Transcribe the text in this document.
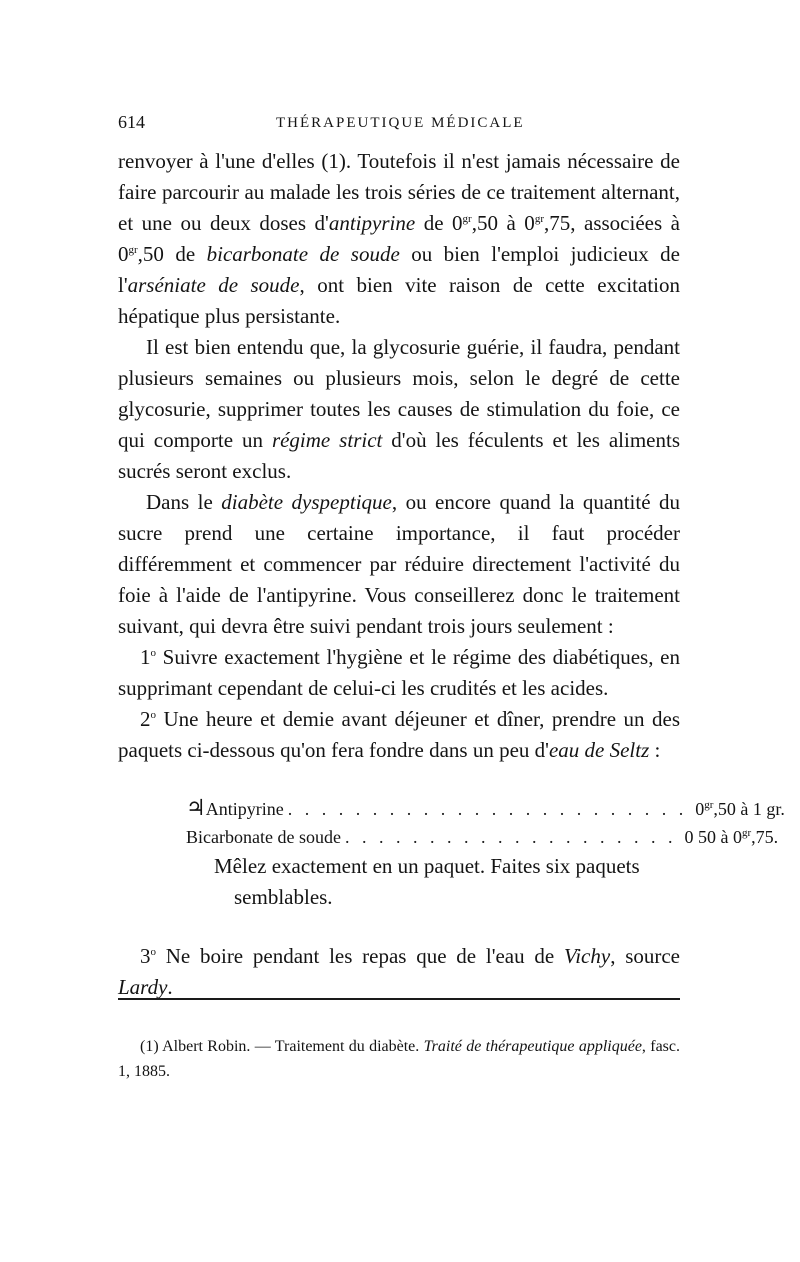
614	THÉRAPEUTIQUE MÉDICALE

renvoyer à l'une d'elles (1). Toutefois il n'est jamais nécessaire de faire parcourir au malade les trois séries de ce traitement alternant, et une ou deux doses d'antipyrine de $0^{gr},50$ à $0^{gr},75$, associées à $0^{gr},50$ de bicarbonate de soude ou bien l'emploi judicieux de l'arséniate de soude, ont bien vite raison de cette excitation hépatique plus persistante.

Il est bien entendu que, la glycosurie guérie, il faudra, pendant plusieurs semaines ou plusieurs mois, selon le degré de cette glycosurie, supprimer toutes les causes de stimulation du foie, ce qui comporte un régime strict d'où les féculents et les aliments sucrés seront exclus.

Dans le diabète dyspeptique, ou encore quand la quantité du sucre prend une certaine importance, il faut procéder différemment et commencer par réduire directement l'activité du foie à l'aide de l'antipyrine. Vous conseillerez donc le traitement suivant, qui devra être suivi pendant trois jours seulement :

1$^o$ Suivre exactement l'hygiène et le régime des diabétiques, en supprimant cependant de celui-ci les crudités et les acides.

2$^o$ Une heure et demie avant déjeuner et dîner, prendre un des paquets ci-dessous qu'on fera fondre dans un peu d'eau de Seltz :

♃ Antipyrine . . . . . . . . . . . . . . . . . . . . . . . . $0^{gr},50$ à 1 gr.
Bicarbonate de soude . . . . . . . . . . . . . . . . . . . . 0 50 à $0^{gr},75$.

Mêlez exactement en un paquet. Faites six paquets
semblables.

3$^o$ Ne boire pendant les repas que de l'eau de Vichy, source Lardy.

(1) Albert Robin. — Traitement du diabète. Traité de thérapeutique appliquée, fasc. 1, 1885.
